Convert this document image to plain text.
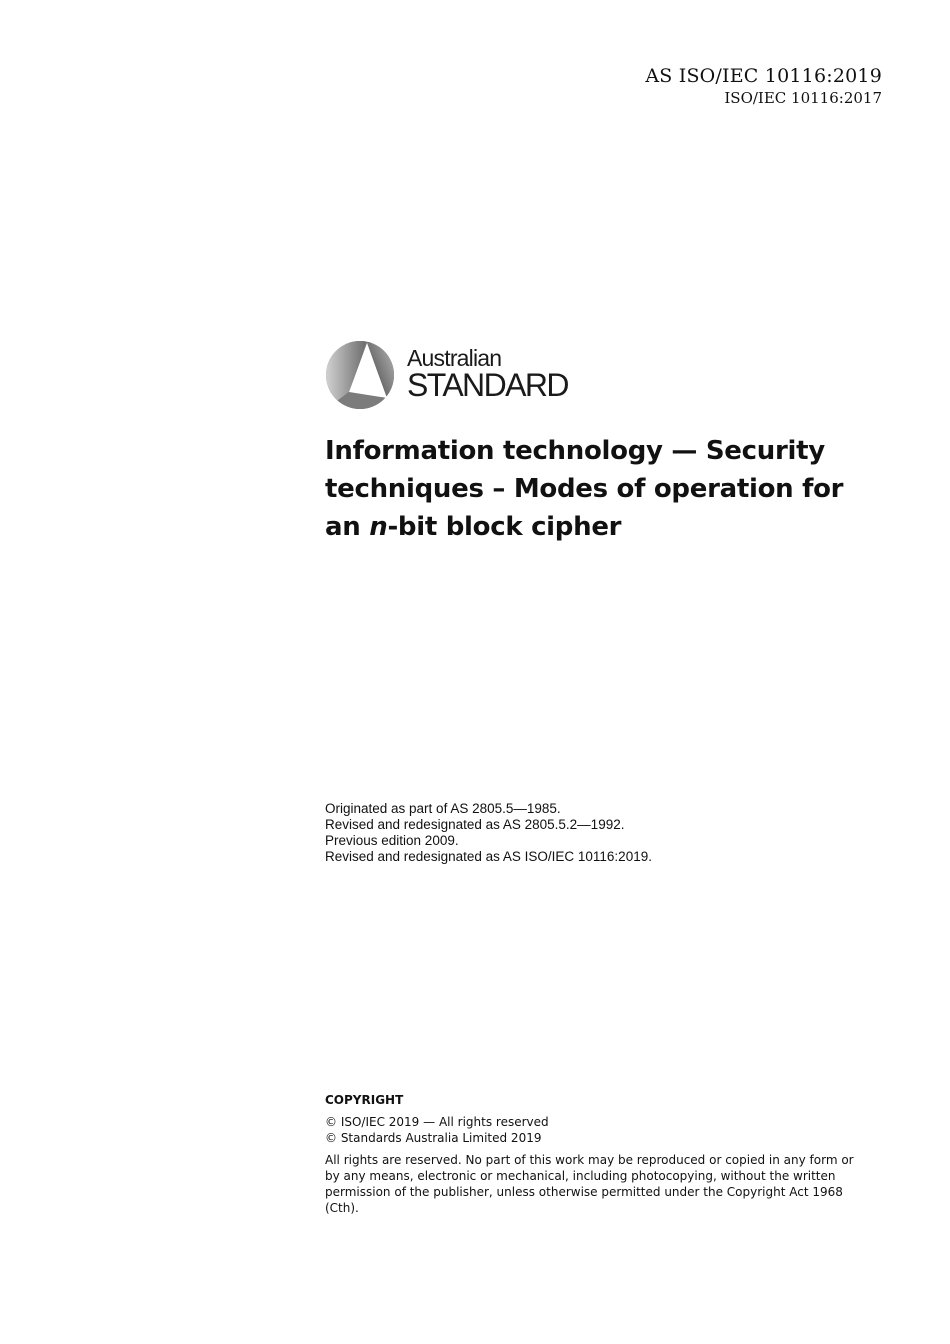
AS ISO/IEC 10116:2019
ISO/IEC 10116:2017
Australian
STANDARD
Information technology — Security techniques – Modes of operation for an n-bit block cipher
Originated as part of AS 2805.5—1985.
Revised and redesignated as AS 2805.5.2—1992.
Previous edition 2009.
Revised and redesignated as AS ISO/IEC 10116:2019.
COPYRIGHT
© ISO/IEC 2019 — All rights reserved
© Standards Australia Limited 2019
All rights are reserved. No part of this work may be reproduced or copied in any form or by any means, electronic or mechanical, including photocopying, without the written permission of the publisher, unless otherwise permitted under the Copyright Act 1968 (Cth).
